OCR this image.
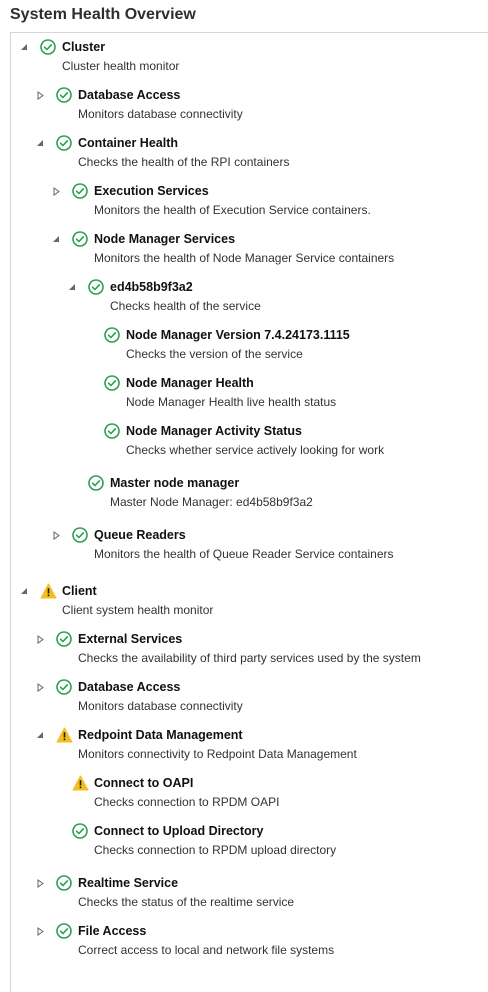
System Health Overview
Cluster
Cluster health monitor
Database Access
Monitors database connectivity
Container Health
Checks the health of the RPI containers
Execution Services
Monitors the health of Execution Service containers.
Node Manager Services
Monitors the health of Node Manager Service containers
ed4b58b9f3a2
Checks health of the service
Node Manager Version 7.4.24173.1115
Checks the version of the service
Node Manager Health
Node Manager Health live health status
Node Manager Activity Status
Checks whether service actively looking for work
Master node manager
Master Node Manager: ed4b58b9f3a2
Queue Readers
Monitors the health of Queue Reader Service containers
Client
Client system health monitor
External Services
Checks the availability of third party services used by the system
Database Access
Monitors database connectivity
Redpoint Data Management
Monitors connectivity to Redpoint Data Management
Connect to OAPI
Checks connection to RPDM OAPI
Connect to Upload Directory
Checks connection to RPDM upload directory
Realtime Service
Checks the status of the realtime service
File Access
Correct access to local and network file systems
